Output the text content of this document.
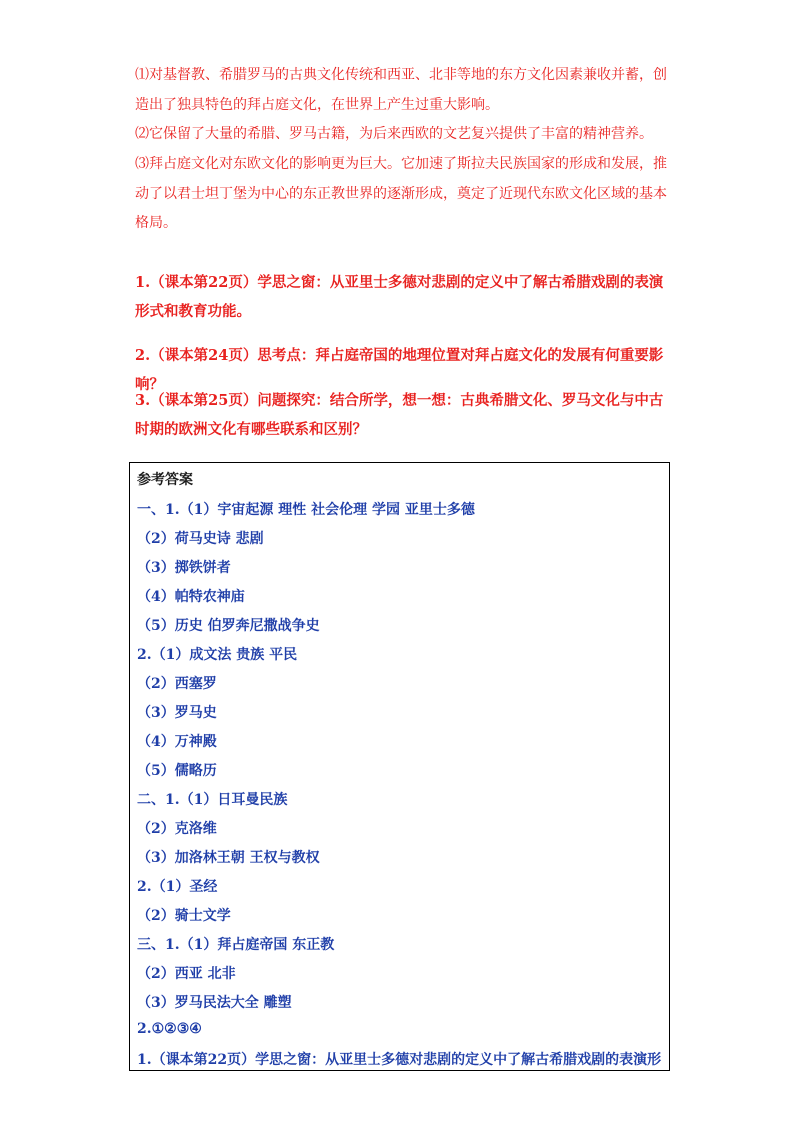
⑴对基督教、希腊罗马的古典文化传统和西亚、北非等地的东方文化因素兼收并蓄，创造出了独具特色的拜占庭文化，在世界上产生过重大影响。
⑵它保留了大量的希腊、罗马古籍，为后来西欧的文艺复兴提供了丰富的精神营养。
⑶拜占庭文化对东欧文化的影响更为巨大。它加速了斯拉夫民族国家的形成和发展，推动了以君士坦丁堡为中心的东正教世界的逐渐形成，奠定了近现代东欧文化区域的基本格局。
1.（课本第22页）学思之窗：从亚里士多德对悲剧的定义中了解古希腊戏剧的表演形式和教育功能。
2.（课本第24页）思考点：拜占庭帝国的地理位置对拜占庭文化的发展有何重要影响？
3.（课本第25页）问题探究：结合所学，想一想：古典希腊文化、罗马文化与中古时期的欧洲文化有哪些联系和区别？
参考答案
一、1.（1）宇宙起源 理性 社会伦理 学园 亚里士多德
（2）荷马史诗 悲剧
（3）掷铁饼者
（4）帕特农神庙
（5）历史 伯罗奔尼撒战争史
2.（1）成文法 贵族 平民
（2）西塞罗
（3）罗马史
（4）万神殿
（5）儒略历
二、1.（1）日耳曼民族
（2）克洛维
（3）加洛林王朝 王权与教权
2.（1）圣经
（2）骑士文学
三、1.（1）拜占庭帝国 东正教
（2）西亚 北非
（3）罗马民法大全 雕塑
2.①②③④
1.（课本第22页）学思之窗：从亚里士多德对悲剧的定义中了解古希腊戏剧的表演形
